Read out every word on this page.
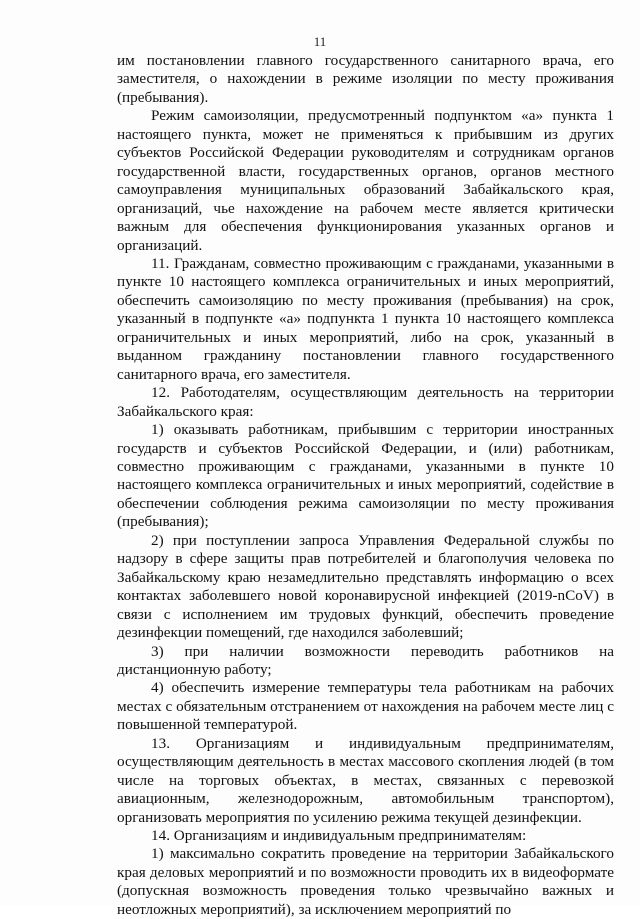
11

им постановлении главного государственного санитарного врача, его заместителя, о нахождении в режиме изоляции по месту проживания (пребывания).

Режим самоизоляции, предусмотренный подпунктом «а» пункта 1 настоящего пункта, может не применяться к прибывшим из других субъектов Российской Федерации руководителям и сотрудникам органов государственной власти, государственных органов, органов местного самоуправления муниципальных образований Забайкальского края, организаций, чье нахождение на рабочем месте является критически важным для обеспечения функционирования указанных органов и организаций.

11. Гражданам, совместно проживающим с гражданами, указанными в пункте 10 настоящего комплекса ограничительных и иных мероприятий, обеспечить самоизоляцию по месту проживания (пребывания) на срок, указанный в подпункте «а» подпункта 1 пункта 10 настоящего комплекса ограничительных и иных мероприятий, либо на срок, указанный в выданном гражданину постановлении главного государственного санитарного врача, его заместителя.

12. Работодателям, осуществляющим деятельность на территории Забайкальского края:

1) оказывать работникам, прибывшим с территории иностранных государств и субъектов Российской Федерации, и (или) работникам, совместно проживающим с гражданами, указанными в пункте 10 настоящего комплекса ограничительных и иных мероприятий, содействие в обеспечении соблюдения режима самоизоляции по месту проживания (пребывания);

2) при поступлении запроса Управления Федеральной службы по надзору в сфере защиты прав потребителей и благополучия человека по Забайкальскому краю незамедлительно представлять информацию о всех контактах заболевшего новой коронавирусной инфекцией (2019-nCoV) в связи с исполнением им трудовых функций, обеспечить проведение дезинфекции помещений, где находился заболевший;

3) при наличии возможности переводить работников на дистанционную работу;

4) обеспечить измерение температуры тела работникам на рабочих местах с обязательным отстранением от нахождения на рабочем месте лиц с повышенной температурой.

13. Организациям и индивидуальным предпринимателям, осуществляющим деятельность в местах массового скопления людей (в том числе на торговых объектах, в местах, связанных с перевозкой авиационным, железнодорожным, автомобильным транспортом), организовать мероприятия по усилению режима текущей дезинфекции.

14. Организациям и индивидуальным предпринимателям:

1) максимально сократить проведение на территории Забайкальского края деловых мероприятий и по возможности проводить их в видеоформате (допускная возможность проведения только чрезвычайно важных и неотложных мероприятий), за исключением мероприятий по
